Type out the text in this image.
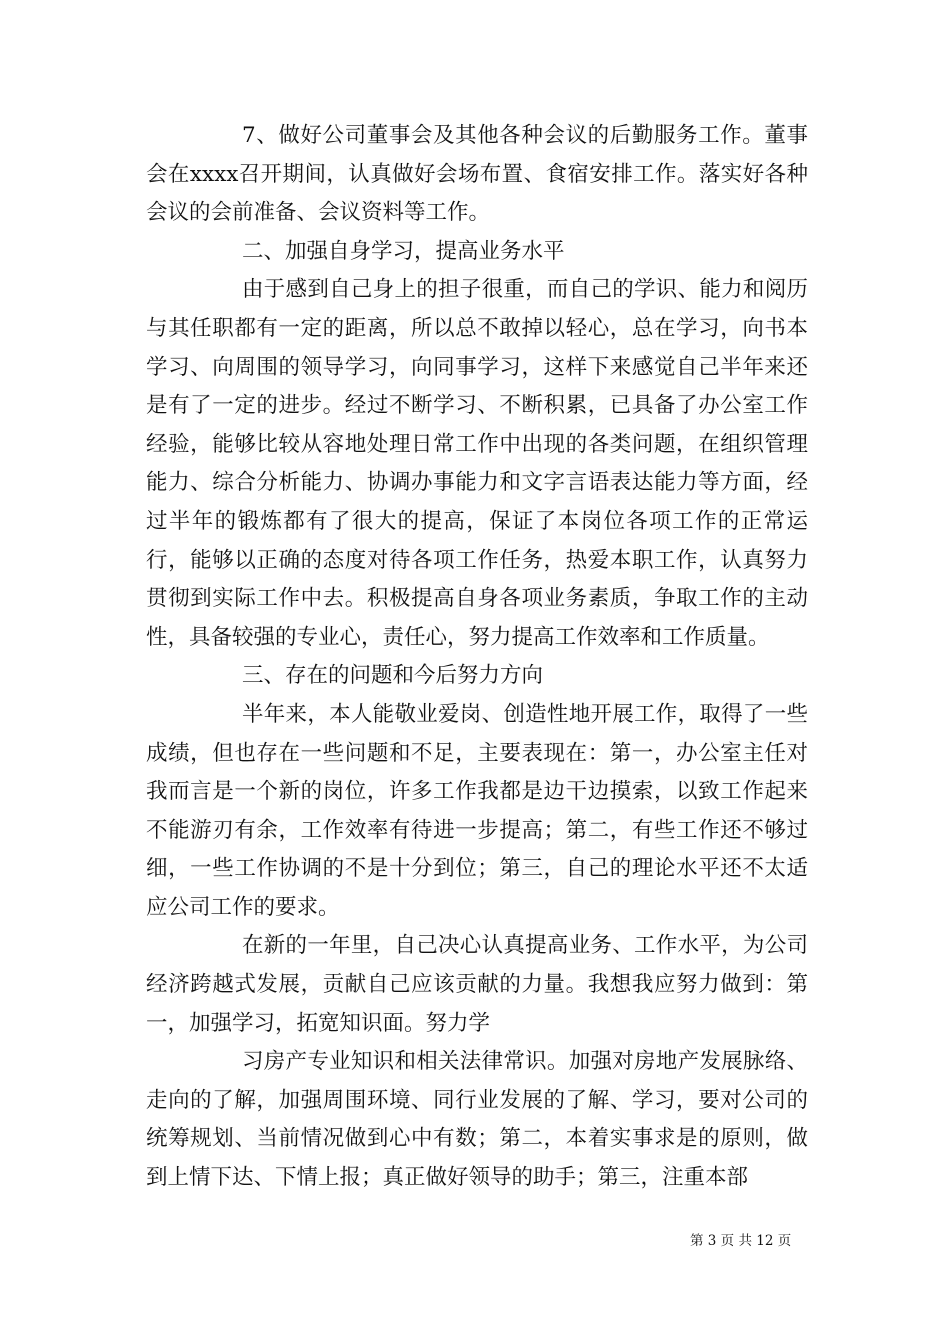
7、做好公司董事会及其他各种会议的后勤服务工作。董事会在xxxx召开期间，认真做好会场布置、食宿安排工作。落实好各种会议的会前准备、会议资料等工作。

二、加强自身学习，提高业务水平

由于感到自己身上的担子很重，而自己的学识、能力和阅历与其任职都有一定的距离，所以总不敢掉以轻心，总在学习，向书本学习、向周围的领导学习，向同事学习，这样下来感觉自己半年来还是有了一定的进步。经过不断学习、不断积累，已具备了办公室工作经验，能够比较从容地处理日常工作中出现的各类问题，在组织管理能力、综合分析能力、协调办事能力和文字言语表达能力等方面，经过半年的锻炼都有了很大的提高，保证了本岗位各项工作的正常运行，能够以正确的态度对待各项工作任务，热爱本职工作，认真努力贯彻到实际工作中去。积极提高自身各项业务素质，争取工作的主动性，具备较强的专业心，责任心，努力提高工作效率和工作质量。

三、存在的问题和今后努力方向

半年来，本人能敬业爱岗、创造性地开展工作，取得了一些成绩，但也存在一些问题和不足，主要表现在：第一，办公室主任对我而言是一个新的岗位，许多工作我都是边干边摸索，以致工作起来不能游刃有余，工作效率有待进一步提高；第二，有些工作还不够过细，一些工作协调的不是十分到位；第三，自己的理论水平还不太适应公司工作的要求。

在新的一年里，自己决心认真提高业务、工作水平，为公司经济跨越式发展，贡献自己应该贡献的力量。我想我应努力做到：第一，加强学习，拓宽知识面。努力学

习房产专业知识和相关法律常识。加强对房地产发展脉络、走向的了解，加强周围环境、同行业发展的了解、学习，要对公司的统筹规划、当前情况做到心中有数；第二，本着实事求是的原则，做到上情下达、下情上报；真正做好领导的助手；第三，注重本部

第 3 页 共 12 页
